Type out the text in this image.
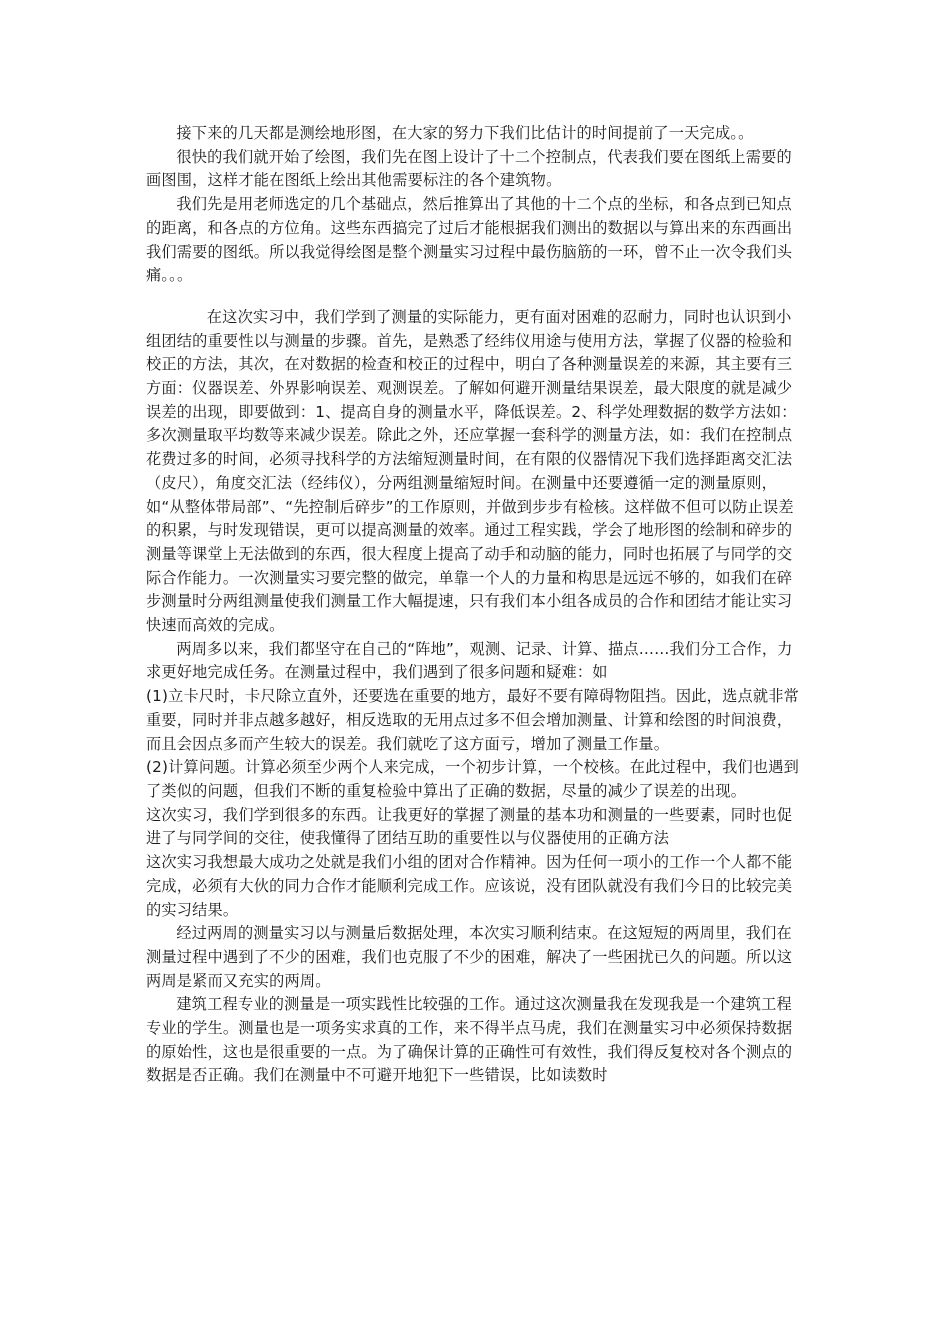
接下来的几天都是测绘地形图，在大家的努力下我们比估计的时间提前了一天完成。。

很快的我们就开始了绘图，我们先在图上设计了十二个控制点，代表我们要在图纸上需要的画图围，这样才能在图纸上绘出其他需要标注的各个建筑物。

我们先是用老师选定的几个基础点，然后推算出了其他的十二个点的坐标，和各点到已知点的距离，和各点的方位角。这些东西搞完了过后才能根据我们测出的数据以与算出来的东西画出我们需要的图纸。所以我觉得绘图是整个测量实习过程中最伤脑筋的一环，曾不止一次令我们头痛。。。

在这次实习中，我们学到了测量的实际能力，更有面对困难的忍耐力，同时也认识到小组团结的重要性以与测量的步骤。首先，是熟悉了经纬仪用途与使用方法，掌握了仪器的检验和校正的方法，其次，在对数据的检查和校正的过程中，明白了各种测量误差的来源，其主要有三方面：仪器误差、外界影响误差、观测误差。了解如何避开测量结果误差，最大限度的就是减少误差的出现，即要做到：1、提高自身的测量水平，降低误差。2、科学处理数据的数学方法如：多次测量取平均数等来减少误差。除此之外，还应掌握一套科学的测量方法，如：我们在控制点花费过多的时间，必须寻找科学的方法缩短测量时间，在有限的仪器情况下我们选择距离交汇法（皮尺），角度交汇法（经纬仪），分两组测量缩短时间。在测量中还要遵循一定的测量原则，如“从整体带局部”、“先控制后碎步”的工作原则，并做到步步有检核。这样做不但可以防止误差的积累，与时发现错误，更可以提高测量的效率。通过工程实践，学会了地形图的绘制和碎步的测量等课堂上无法做到的东西，很大程度上提高了动手和动脑的能力，同时也拓展了与同学的交际合作能力。一次测量实习要完整的做完，单靠一个人的力量和构思是远远不够的，如我们在碎步测量时分两组测量使我们测量工作大幅提速，只有我们本小组各成员的合作和团结才能让实习快速而高效的完成。

两周多以来，我们都坚守在自己的“阵地”，观测、记录、计算、描点……我们分工合作，力求更好地完成任务。在测量过程中，我们遇到了很多问题和疑难：如

(1)立卡尺时，卡尺除立直外，还要选在重要的地方，最好不要有障碍物阻挡。因此，选点就非常重要，同时并非点越多越好，相反选取的无用点过多不但会增加测量、计算和绘图的时间浪费，而且会因点多而产生较大的误差。我们就吃了这方面亏，增加了测量工作量。

(2)计算问题。计算必须至少两个人来完成，一个初步计算，一个校核。在此过程中，我们也遇到了类似的问题，但我们不断的重复检验中算出了正确的数据，尽量的减少了误差的出现。

这次实习，我们学到很多的东西。让我更好的掌握了测量的基本功和测量的一些要素，同时也促进了与同学间的交往，使我懂得了团结互助的重要性以与仪器使用的正确方法

这次实习我想最大成功之处就是我们小组的团对合作精神。因为任何一项小的工作一个人都不能完成，必须有大伙的同力合作才能顺利完成工作。应该说，没有团队就没有我们今日的比较完美的实习结果。

经过两周的测量实习以与测量后数据处理，本次实习顺利结束。在这短短的两周里，我们在测量过程中遇到了不少的困难，我们也克服了不少的困难，解决了一些困扰已久的问题。所以这两周是紧而又充实的两周。

建筑工程专业的测量是一项实践性比较强的工作。通过这次测量我在发现我是一个建筑工程专业的学生。测量也是一项务实求真的工作，来不得半点马虎，我们在测量实习中必须保持数据的原始性，这也是很重要的一点。为了确保计算的正确性可有效性，我们得反复校对各个测点的数据是否正确。我们在测量中不可避开地犯下一些错误，比如读数时
